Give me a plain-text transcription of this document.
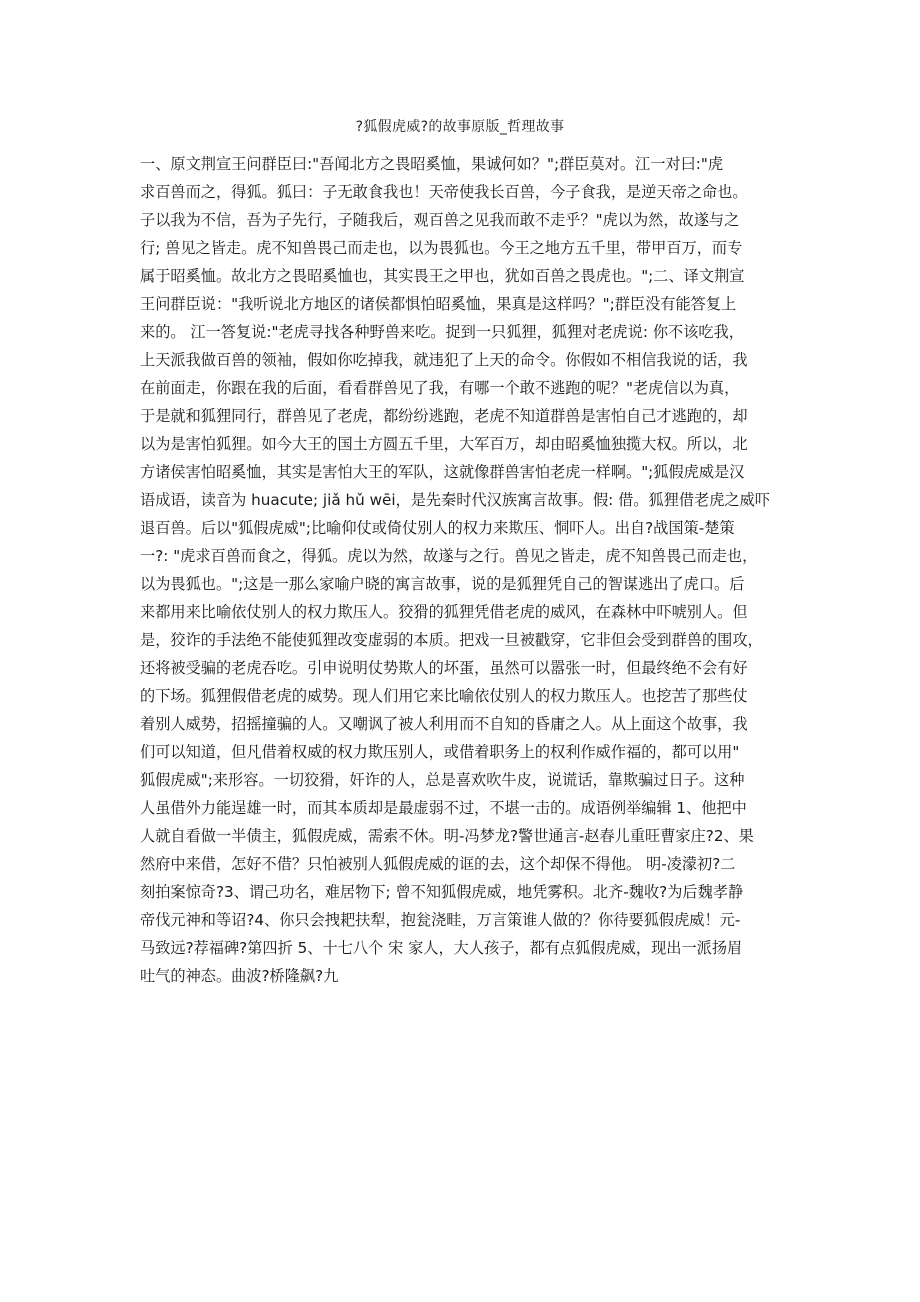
?狐假虎威?的故事原版_哲理故事
一、原文荆宣王问群臣曰:"吾闻北方之畏昭奚恤，果诚何如？";群臣莫对。江一对曰:"虎
求百兽而之，得狐。狐曰：子无敢食我也！天帝使我长百兽，今子食我，是逆天帝之命也。
子以我为不信，吾为子先行，子随我后，观百兽之见我而敢不走乎？"虎以为然，故遂与之
行; 兽见之皆走。虎不知兽畏己而走也，以为畏狐也。今王之地方五千里，带甲百万，而专
属于昭奚恤。故北方之畏昭奚恤也，其实畏王之甲也，犹如百兽之畏虎也。";二、译文荆宣
王问群臣说："我听说北方地区的诸侯都惧怕昭奚恤，果真是这样吗？";群臣没有能答复上
来的。 江一答复说:"老虎寻找各种野兽来吃。捉到一只狐狸，狐狸对老虎说: 你不该吃我，
上天派我做百兽的领袖，假如你吃掉我，就违犯了上天的命令。你假如不相信我说的话，我
在前面走，你跟在我的后面，看看群兽见了我，有哪一个敢不逃跑的呢？"老虎信以为真，
于是就和狐狸同行，群兽见了老虎，都纷纷逃跑，老虎不知道群兽是害怕自己才逃跑的，却
以为是害怕狐狸。如今大王的国土方圆五千里，大军百万，却由昭奚恤独揽大权。所以，北
方诸侯害怕昭奚恤，其实是害怕大王的军队，这就像群兽害怕老虎一样啊。";狐假虎威是汉
语成语，读音为 huacute; jiǎ hǔ wēi，是先秦时代汉族寓言故事。假: 借。狐狸借老虎之威吓
退百兽。后以"狐假虎威";比喻仰仗或倚仗别人的权力来欺压、恫吓人。出自?战国策-楚策
一?: "虎求百兽而食之，得狐。虎以为然，故遂与之行。兽见之皆走，虎不知兽畏己而走也，
以为畏狐也。";这是一那么家喻户晓的寓言故事，说的是狐狸凭自己的智谋逃出了虎口。后
来都用来比喻依仗别人的权力欺压人。狡猾的狐狸凭借老虎的威风，在森林中吓唬别人。但
是，狡诈的手法绝不能使狐狸改变虚弱的本质。把戏一旦被戳穿，它非但会受到群兽的围攻，
还将被受骗的老虎吞吃。引申说明仗势欺人的坏蛋，虽然可以嚣张一时，但最终绝不会有好
的下场。狐狸假借老虎的威势。现人们用它来比喻依仗别人的权力欺压人。也挖苦了那些仗
着别人威势，招摇撞骗的人。又嘲讽了被人利用而不自知的昏庸之人。从上面这个故事，我
们可以知道，但凡借着权威的权力欺压别人，或借着职务上的权利作威作福的，都可以用"
狐假虎威";来形容。一切狡猾，奸诈的人，总是喜欢吹牛皮，说谎话，靠欺骗过日子。这种
人虽借外力能逞雄一时，而其本质却是最虚弱不过，不堪一击的。成语例举编辑 1、他把中
人就自看做一半债主，狐假虎威，需索不休。明-冯梦龙?警世通言-赵春儿重旺曹家庄?2、果
然府中来借，怎好不借？只怕被别人狐假虎威的诓的去，这个却保不得他。 明-凌濛初?二
刻拍案惊奇?3、谓己功名，难居物下; 曾不知狐假虎威，地凭雾积。北齐-魏收?为后魏孝静
帝伐元神和等诏?4、你只会拽耙扶犁，抱瓮浇畦，万言策谁人做的？你待要狐假虎威！元-
马致远?荐福碑?第四折 5、十七八个 宋 家人，大人孩子，都有点狐假虎威，现出一派扬眉
吐气的神态。曲波?桥隆飙?九
